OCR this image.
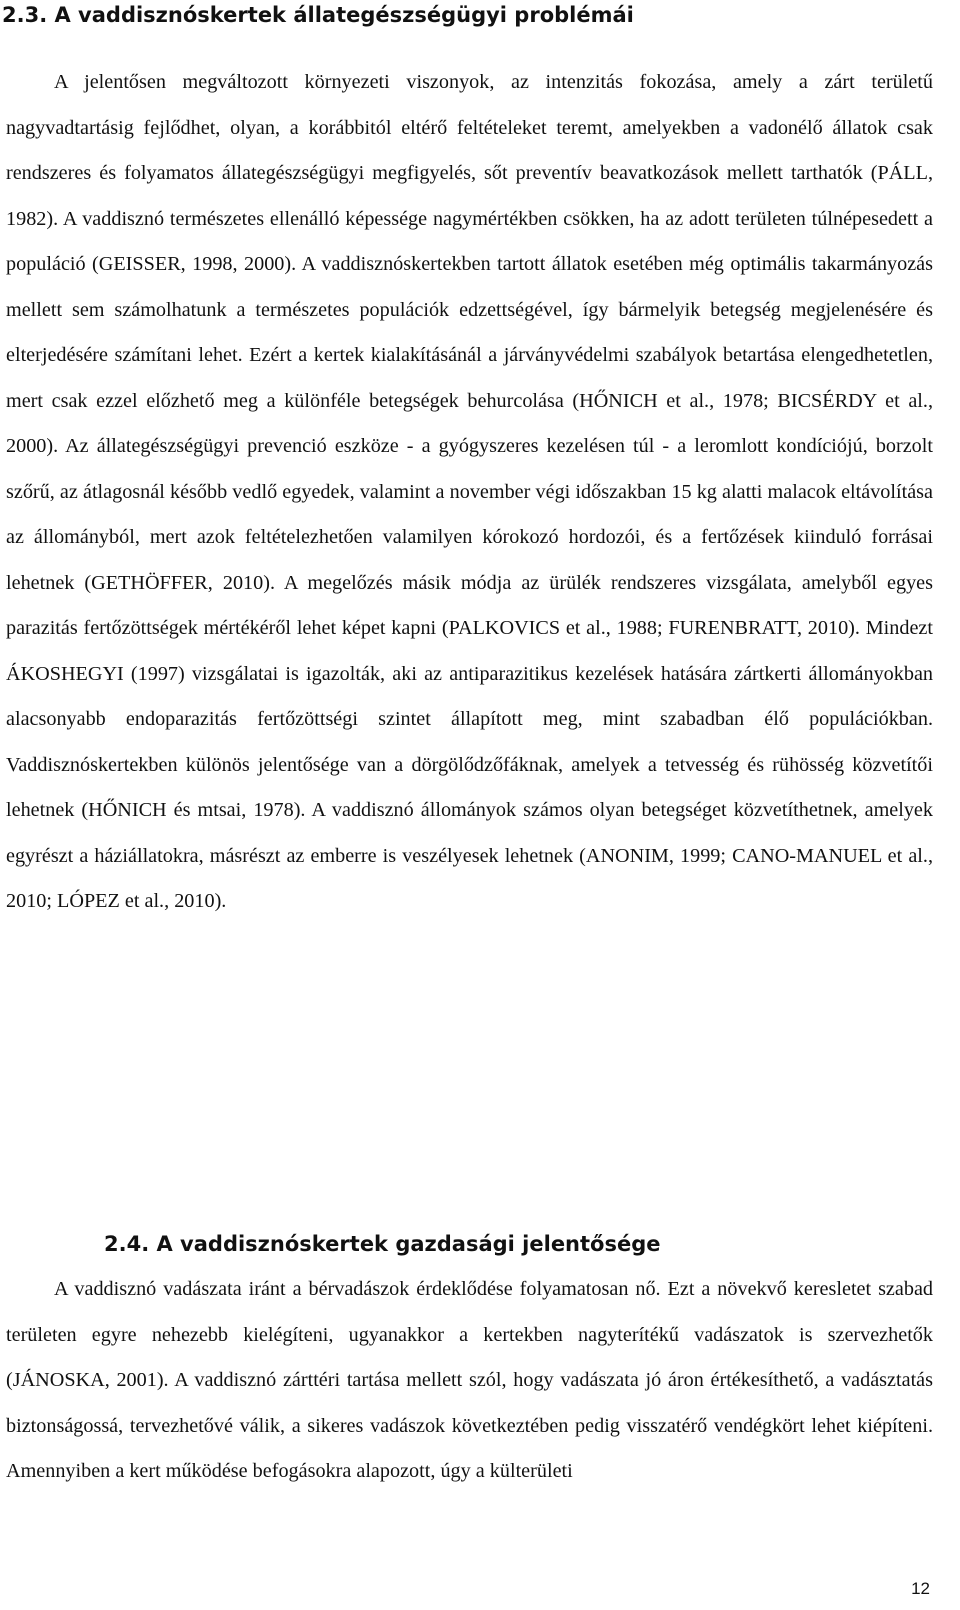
2.3. A vaddisznóskertek állategészségügyi problémái

A jelentősen megváltozott környezeti viszonyok, az intenzitás fokozása, amely a zárt területű nagyvadtartásig fejlődhet, olyan, a korábbitól eltérő feltételeket teremt, amelyekben a vadonélő állatok csak rendszeres és folyamatos állategészségügyi megfigyelés, sőt preventív beavatkozások mellett tarthatók (PÁLL, 1982). A vaddisznó természetes ellenálló képessége nagymértékben csökken, ha az adott területen túlnépesedett a populáció (GEISSER, 1998, 2000). A vaddisznóskertekben tartott állatok esetében még optimális takarmányozás mellett sem számolhatunk a természetes populációk edzettségével, így bármelyik betegség megjelenésére és elterjedésére számítani lehet. Ezért a kertek kialakításánál a járványvédelmi szabályok betartása elengedhetetlen, mert csak ezzel előzhető meg a különféle betegségek behurcolása (HŐNICH et al., 1978; BICSÉRDY et al., 2000). Az állategészségügyi prevenció eszköze - a gyógyszeres kezelésen túl - a leromlott kondíciójú, borzolt szőrű, az átlagosnál később vedlő egyedek, valamint a november végi időszakban 15 kg alatti malacok eltávolítása az állományból, mert azok feltételezhetően valamilyen kórokozó hordozói, és a fertőzések kiinduló forrásai lehetnek (GETHÖFFER, 2010). A megelőzés másik módja az ürülék rendszeres vizsgálata, amelyből egyes parazitás fertőzöttségek mértékéről lehet képet kapni (PALKOVICS et al., 1988; FURENBRATT, 2010). Mindezt ÁKOSHEGYI (1997) vizsgálatai is igazolták, aki az antiparazitikus kezelések hatására zártkerti állományokban alacsonyabb endoparazitás fertőzöttségi szintet állapított meg, mint szabadban élő populációkban. Vaddisznóskertekben különös jelentősége van a dörgölődzőfáknak, amelyek a tetvesség és rühösség közvetítői lehetnek (HŐNICH és mtsai, 1978). A vaddisznó állományok számos olyan betegséget közvetíthetnek, amelyek egyrészt a háziállatokra, másrészt az emberre is veszélyesek lehetnek (ANONIM, 1999; CANO-MANUEL et al., 2010; LÓPEZ et al., 2010).

2.4. A vaddisznóskertek gazdasági jelentősége

A vaddisznó vadászata iránt a bérvadászok érdeklődése folyamatosan nő. Ezt a növekvő keresletet szabad területen egyre nehezebb kielégíteni, ugyanakkor a kertekben nagyterítékű vadászatok is szervezhetők (JÁNOSKA, 2001). A vaddisznó zárttéri tartása mellett szól, hogy vadászata jó áron értékesíthető, a vadásztatás biztonságossá, tervezhetővé válik, a sikeres vadászok következtében pedig visszatérő vendégkört lehet kiépíteni. Amennyiben a kert működése befogásokra alapozott, úgy a külterületi

12
